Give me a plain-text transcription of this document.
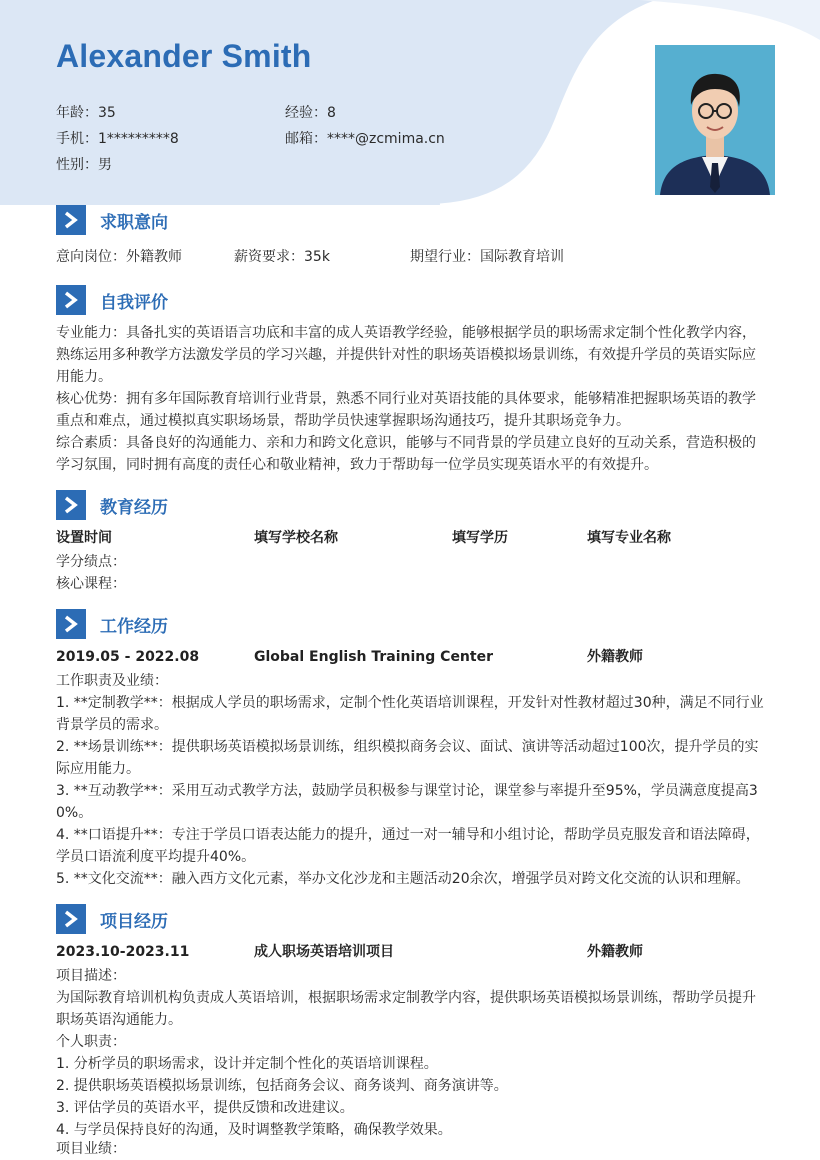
Alexander Smith
年龄：35	经验：8
手机：1*********8	邮箱：****@zcmima.cn
性别：男
求职意向
意向岗位：外籍教师	薪资要求：35k	期望行业：国际教育培训
自我评价
专业能力：具备扎实的英语语言功底和丰富的成人英语教学经验，能够根据学员的职场需求定制个性化教学内容，
熟练运用多种教学方法激发学员的学习兴趣，并提供针对性的职场英语模拟场景训练，有效提升学员的英语实际应
用能力。
核心优势：拥有多年国际教育培训行业背景，熟悉不同行业对英语技能的具体要求，能够精准把握职场英语的教学
重点和难点，通过模拟真实职场场景，帮助学员快速掌握职场沟通技巧，提升其职场竞争力。
综合素质：具备良好的沟通能力、亲和力和跨文化意识，能够与不同背景的学员建立良好的互动关系，营造积极的
学习氛围，同时拥有高度的责任心和敬业精神，致力于帮助每一位学员实现英语水平的有效提升。
教育经历
设置时间	填写学校名称	填写学历	填写专业名称
学分绩点：
核心课程：
工作经历
2019.05 - 2022.08	Global English Training Center	外籍教师
工作职责及业绩：
1. **定制教学**：根据成人学员的职场需求，定制个性化英语培训课程，开发针对性教材超过30种，满足不同行业
背景学员的需求。
2. **场景训练**：提供职场英语模拟场景训练，组织模拟商务会议、面试、演讲等活动超过100次，提升学员的实
际应用能力。
3. **互动教学**：采用互动式教学方法，鼓励学员积极参与课堂讨论，课堂参与率提升至95%，学员满意度提高3
0%。
4. **口语提升**：专注于学员口语表达能力的提升，通过一对一辅导和小组讨论，帮助学员克服发音和语法障碍，
学员口语流利度平均提升40%。
5. **文化交流**：融入西方文化元素，举办文化沙龙和主题活动20余次，增强学员对跨文化交流的认识和理解。
项目经历
2023.10-2023.11	成人职场英语培训项目	外籍教师
项目描述：
为国际教育培训机构负责成人英语培训，根据职场需求定制教学内容，提供职场英语模拟场景训练，帮助学员提升
职场英语沟通能力。
个人职责：
1. 分析学员的职场需求，设计并定制个性化的英语培训课程。
2. 提供职场英语模拟场景训练，包括商务会议、商务谈判、商务演讲等。
3. 评估学员的英语水平，提供反馈和改进建议。
4. 与学员保持良好的沟通，及时调整教学策略，确保教学效果。
项目业绩：
